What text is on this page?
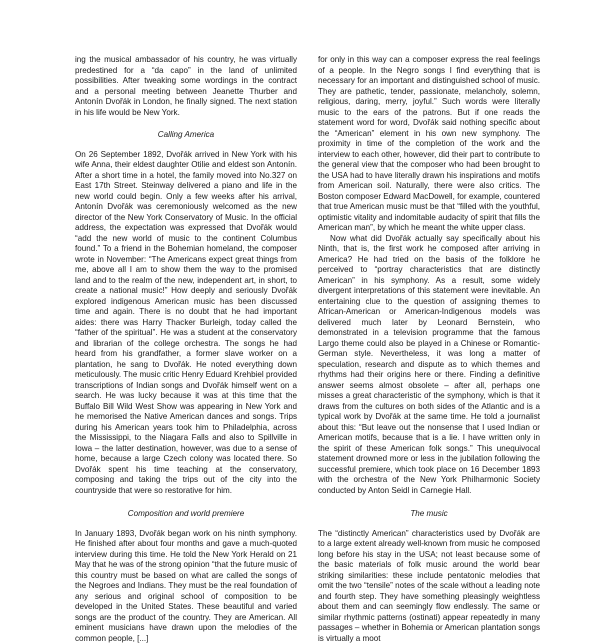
ing the musical ambassador of his country, he was virtually predestined for a “da capo” in the land of unlimited possibilities. After tweaking some wordings in the contract and a personal meeting between Jeanette Thurber and Antonín Dvořák in London, he finally signed. The next station in his life would be New York.

Calling America

On 26 September 1892, Dvořák arrived in New York with his wife Anna, their eldest daughter Otilie and eldest son Antonín. After a short time in a hotel, the family moved into No.327 on East 17th Street. Steinway delivered a piano and life in the new world could begin. Only a few weeks after his arrival, Antonín Dvořák was ceremoniously welcomed as the new director of the New York Conservatory of Music. In the official address, the expectation was expressed that Dvořák would “add the new world of music to the continent Columbus found.” To a friend in the Bohemian homeland, the composer wrote in November: “The Americans expect great things from me, above all I am to show them the way to the promised land and to the realm of the new, independent art, in short, to create a national music!” How deeply and seriously Dvořák explored indigenous American music has been discussed time and again. There is no doubt that he had important aides: there was Harry Thacker Burleigh, today called the “father of the spiritual”. He was a student at the conservatory and librarian of the college orchestra. The songs he had heard from his grandfather, a former slave worker on a plantation, he sang to Dvořák. He noted everything down meticulously. The music critic Henry Eduard Krehbiel provided transcriptions of Indian songs and Dvořák himself went on a search. He was lucky because it was at this time that the Buffalo Bill Wild West Show was appearing in New York and he memorised the Native American dances and songs. Trips during his American years took him to Philadelphia, across the Mississippi, to the Niagara Falls and also to Spillville in Iowa – the latter destination, however, was due to a sense of home, because a large Czech colony was located there. So Dvořák spent his time teaching at the conservatory, composing and taking the trips out of the city into the countryside that were so restorative for him.

Composition and world premiere

In January 1893, Dvořák began work on his ninth symphony. He finished after about four months and gave a much-quoted interview during this time. He told the New York Herald on 21 May that he was of the strong opinion “that the future music of this country must be based on what are called the songs of the Negroes and Indians. They must be the real foundation of any serious and original school of composition to be developed in the United States. These beautiful and varied songs are the product of the country. They are American. All eminent musicians have drawn upon the melodies of the common people, [...]

for only in this way can a composer express the real feelings of a people. In the Negro songs I find everything that is necessary for an important and distinguished school of music. They are pathetic, tender, passionate, melancholy, solemn, religious, daring, merry, joyful.” Such words were literally music to the ears of the patrons. But if one reads the statement word for word, Dvořák said nothing specific about the “American” element in his own new symphony. The proximity in time of the completion of the work and the interview to each other, however, did their part to contribute to the general view that the composer who had been brought to the USA had to have literally drawn his inspirations and motifs from American soil. Naturally, there were also critics. The Boston composer Edward MacDowell, for example, countered that true American music must be that “filled with the youthful, optimistic vitality and indomitable audacity of spirit that fills the American man”, by which he meant the white upper class.

Now what did Dvořák actually say specifically about his Ninth, that is, the first work he composed after arriving in America? He had tried on the basis of the folklore he perceived to “portray characteristics that are distinctly American” in his symphony. As a result, some widely divergent interpretations of this statement were inevitable. An entertaining clue to the question of assigning themes to African-American or American-Indigenous models was delivered much later by Leonard Bernstein, who demonstrated in a television programme that the famous Largo theme could also be played in a Chinese or Romantic-German style. Nevertheless, it was long a matter of speculation, research and dispute as to which themes and rhythms had their origins here or there. Finding a definitive answer seems almost obsolete – after all, perhaps one misses a great characteristic of the symphony, which is that it draws from the cultures on both sides of the Atlantic and is a typical work by Dvořák at the same time. He told a journalist about this: “But leave out the nonsense that I used Indian or American motifs, because that is a lie. I have written only in the spirit of these American folk songs.” This unequivocal statement drowned more or less in the jubilation following the successful premiere, which took place on 16 December 1893 with the orchestra of the New York Philharmonic Society conducted by Anton Seidl in Carnegie Hall.

The music

The “distinctly American” characteristics used by Dvořák are to a large extent already well-known from music he composed long before his stay in the USA; not least because some of the basic materials of folk music around the world bear striking similarities: these include pentatonic melodies that omit the two “tensile” notes of the scale without a leading note and fourth step. They have something pleasingly weightless about them and can seemingly flow endlessly. The same or similar rhythmic patterns (ostinati) appear repeatedly in many passages – whether in Bohemia or American plantation songs is virtually a moot
